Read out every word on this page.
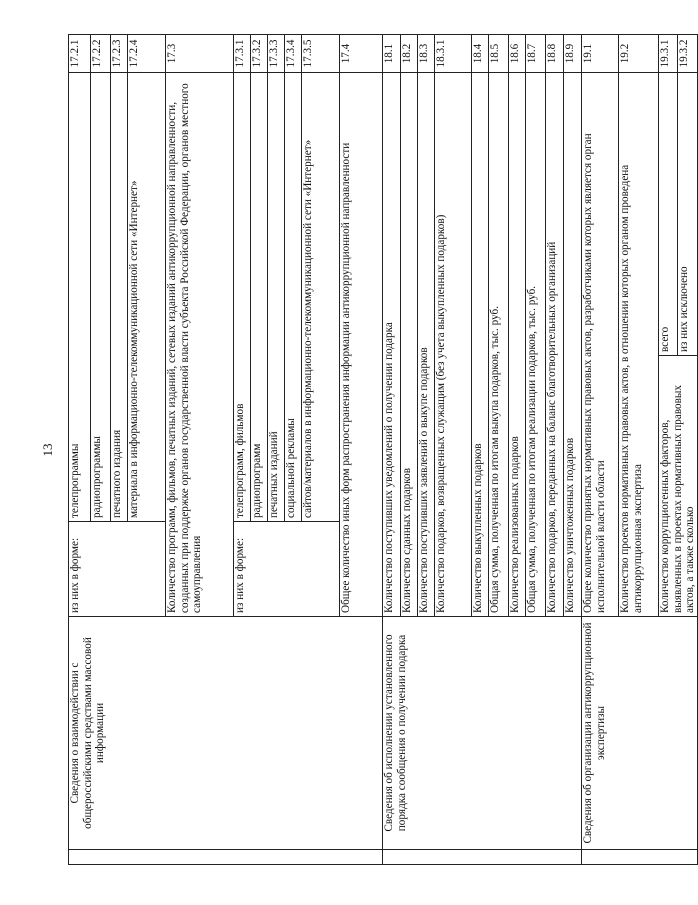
13
	Сведения о взаимодействии с общероссийскими средствами массовой информации	из них в форме:	телепрограммы		17.2.1
			радиопрограммы		17.2.2
			печатного издания		17.2.3
			материала в информационно-телекоммуникационной сети «Интернет»		17.2.4
		Количество программ, фильмов, печатных изданий, сетевых изданий антикоррупционной направленности, созданных при поддержке органов государственной власти субъекта Российской Федерации, органов местного самоуправления			17.3
		из них в форме:	телепрограмм, фильмов		17.3.1
			радиопрограмм		17.3.2
			печатных изданий		17.3.3
			социальной рекламы		17.3.4
			сайтов/материалов в информационно-телекоммуникационной сети «Интернет»		17.3.5
		Общее количество иных форм распространения информации антикоррупционной направленности			17.4
	Сведения об исполнении установленного порядка сообщения о получении подарка	Количество поступивших уведомлений о получении подарка			18.1
		Количество сданных подарков			18.2
		Количество поступивших заявлений о выкупе подарков			18.3
		Количество подарков, возвращенных служащим (без учета выкупленных подарков)			18.3.1
		Количество выкупленных подарков			18.4
		Общая сумма, полученная по итогам выкупа подарков, тыс. руб.			18.5
		Количество реализованных подарков			18.6
		Общая сумма, полученная по итогам реализации подарков, тыс. руб.			18.7
		Количество подарков, переданных на баланс благотворительных организаций			18.8
		Количество уничтоженных подарков			18.9
	Сведения об организации антикоррупционной экспертизы	Общее количество принятых нормативных правовых актов, разработчиками которых является орган исполнительной власти области			19.1
		Количество проектов нормативных правовых актов, в отношении которых органом проведена антикоррупционная экспертиза			19.2
		Количество коррупциогенных факторов, выявленных в проектах нормативных правовых актов, а также сколько		всего	19.3.1
				из них исключено	19.3.2
